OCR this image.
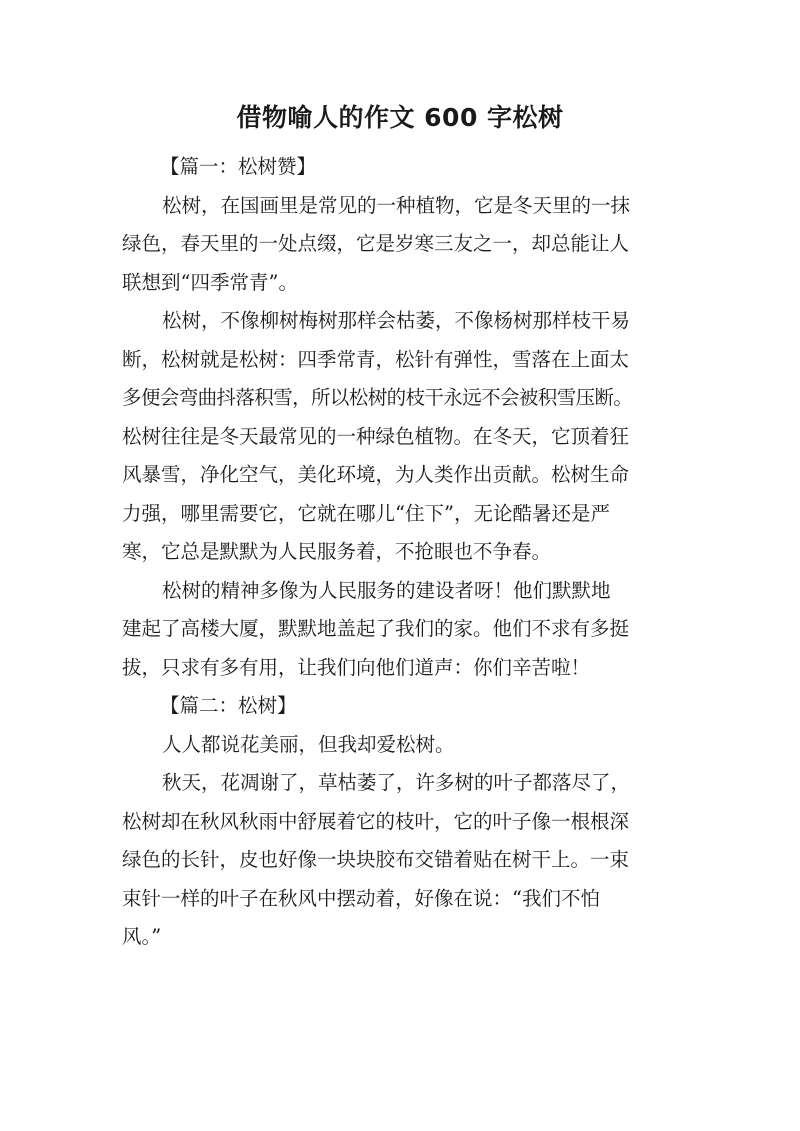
借物喻人的作文 600 字松树

【篇一：松树赞】

松树，在国画里是常见的一种植物，它是冬天里的一抹
绿色，春天里的一处点缀，它是岁寒三友之一，却总能让人
联想到“四季常青”。

松树，不像柳树梅树那样会枯萎，不像杨树那样枝干易
断，松树就是松树：四季常青，松针有弹性，雪落在上面太
多便会弯曲抖落积雪，所以松树的枝干永远不会被积雪压断。
松树往往是冬天最常见的一种绿色植物。在冬天，它顶着狂
风暴雪，净化空气，美化环境，为人类作出贡献。松树生命
力强，哪里需要它，它就在哪儿“住下”，无论酷暑还是严
寒，它总是默默为人民服务着，不抢眼也不争春。

松树的精神多像为人民服务的建设者呀！他们默默地
建起了高楼大厦，默默地盖起了我们的家。他们不求有多挺
拔，只求有多有用，让我们向他们道声：你们辛苦啦！

【篇二：松树】

人人都说花美丽，但我却爱松树。

秋天，花凋谢了，草枯萎了，许多树的叶子都落尽了，
松树却在秋风秋雨中舒展着它的枝叶，它的叶子像一根根深
绿色的长针，皮也好像一块块胶布交错着贴在树干上。一束
束针一样的叶子在秋风中摆动着，好像在说：“我们不怕
风。”
